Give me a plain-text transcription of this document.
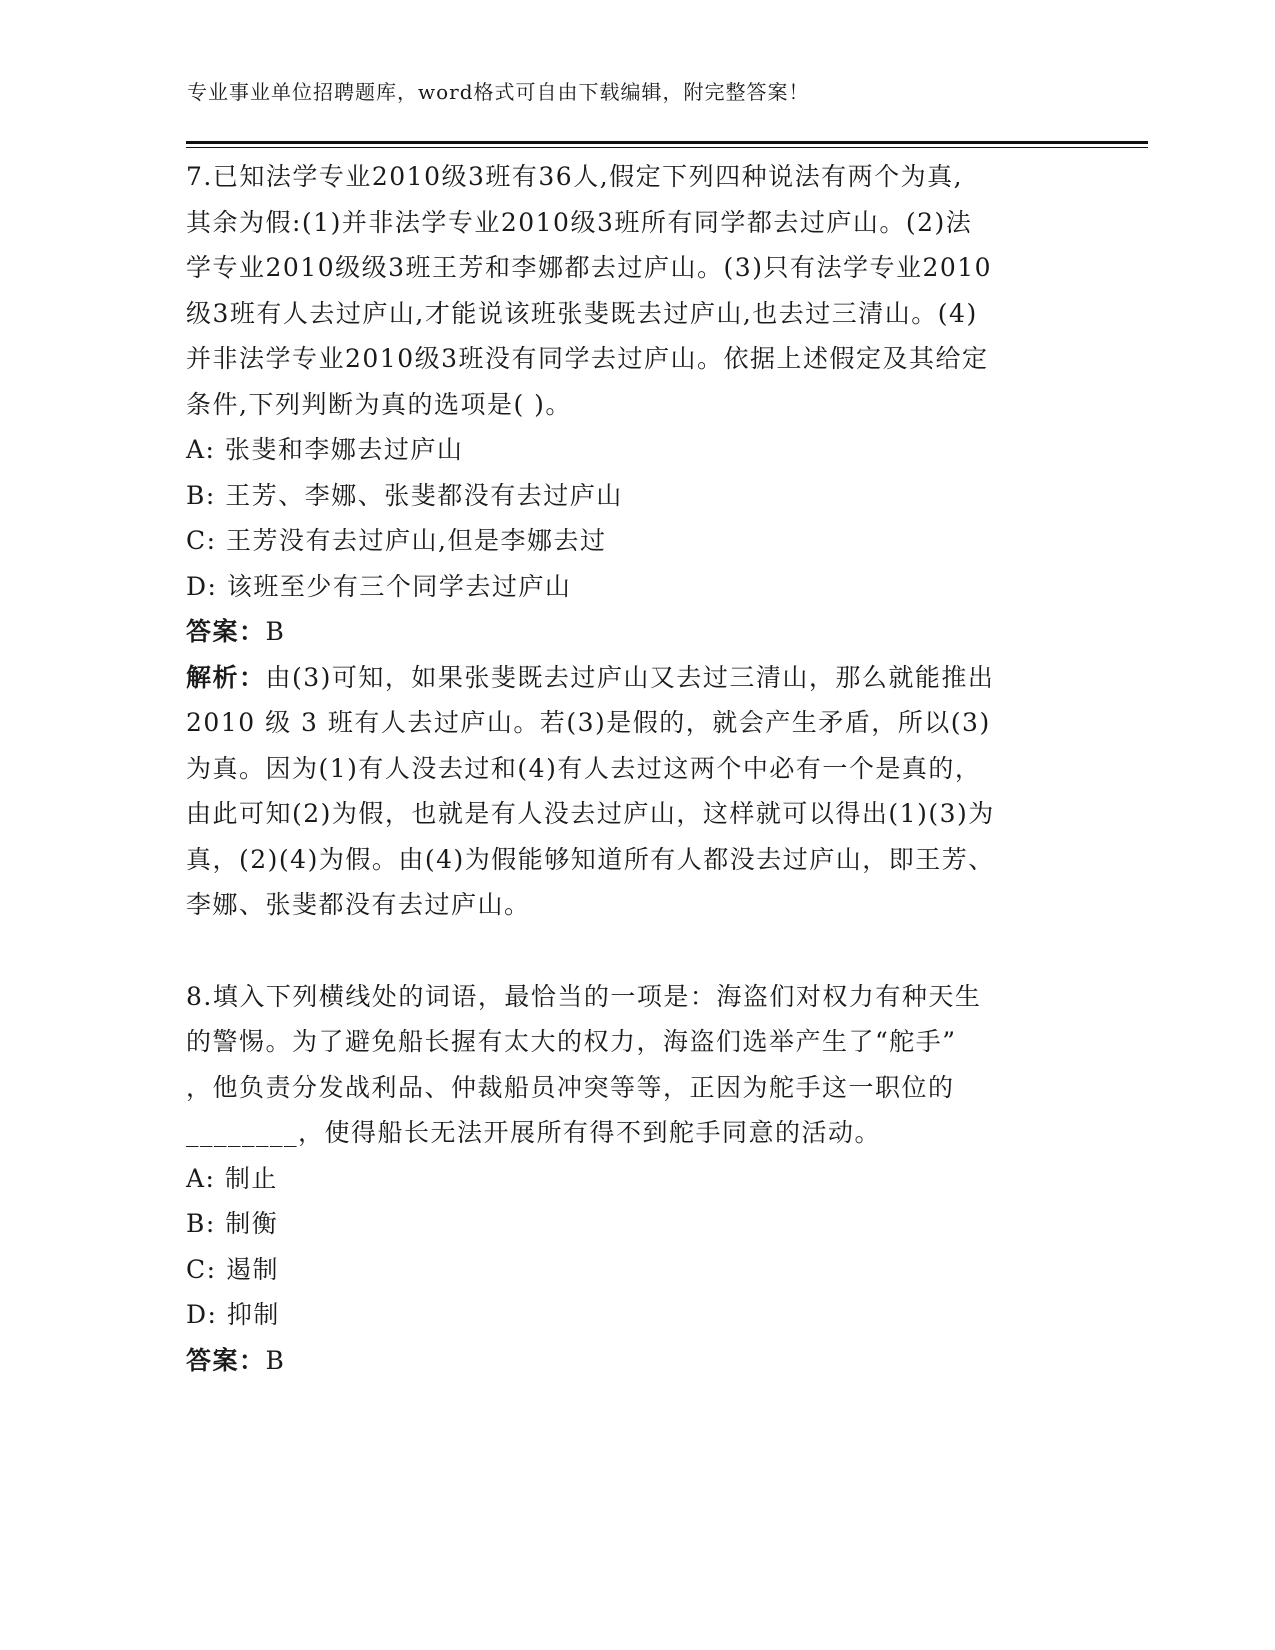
专业事业单位招聘题库，word格式可自由下载编辑，附完整答案！
7.已知法学专业2010级3班有36人,假定下列四种说法有两个为真,
其余为假:(1)并非法学专业2010级3班所有同学都去过庐山。(2)法
学专业2010级级3班王芳和李娜都去过庐山。(3)只有法学专业2010
级3班有人去过庐山,才能说该班张斐既去过庐山,也去过三清山。(4)
并非法学专业2010级3班没有同学去过庐山。依据上述假定及其给定
条件,下列判断为真的选项是( )。
A: 张斐和李娜去过庐山
B: 王芳、李娜、张斐都没有去过庐山
C: 王芳没有去过庐山,但是李娜去过
D: 该班至少有三个同学去过庐山
答案：B
解析：由(3)可知，如果张斐既去过庐山又去过三清山，那么就能推出
2010 级 3 班有人去过庐山。若(3)是假的，就会产生矛盾，所以(3)
为真。因为(1)有人没去过和(4)有人去过这两个中必有一个是真的，
由此可知(2)为假，也就是有人没去过庐山，这样就可以得出(1)(3)为
真，(2)(4)为假。由(4)为假能够知道所有人都没去过庐山，即王芳、
李娜、张斐都没有去过庐山。
8.填入下列横线处的词语，最恰当的一项是：海盗们对权力有种天生
的警惕。为了避免船长握有太大的权力，海盗们选举产生了“舵手”
，他负责分发战利品、仲裁船员冲突等等，正因为舵手这一职位的
________，使得船长无法开展所有得不到舵手同意的活动。
A: 制止
B: 制衡
C: 遏制
D: 抑制
答案：B
